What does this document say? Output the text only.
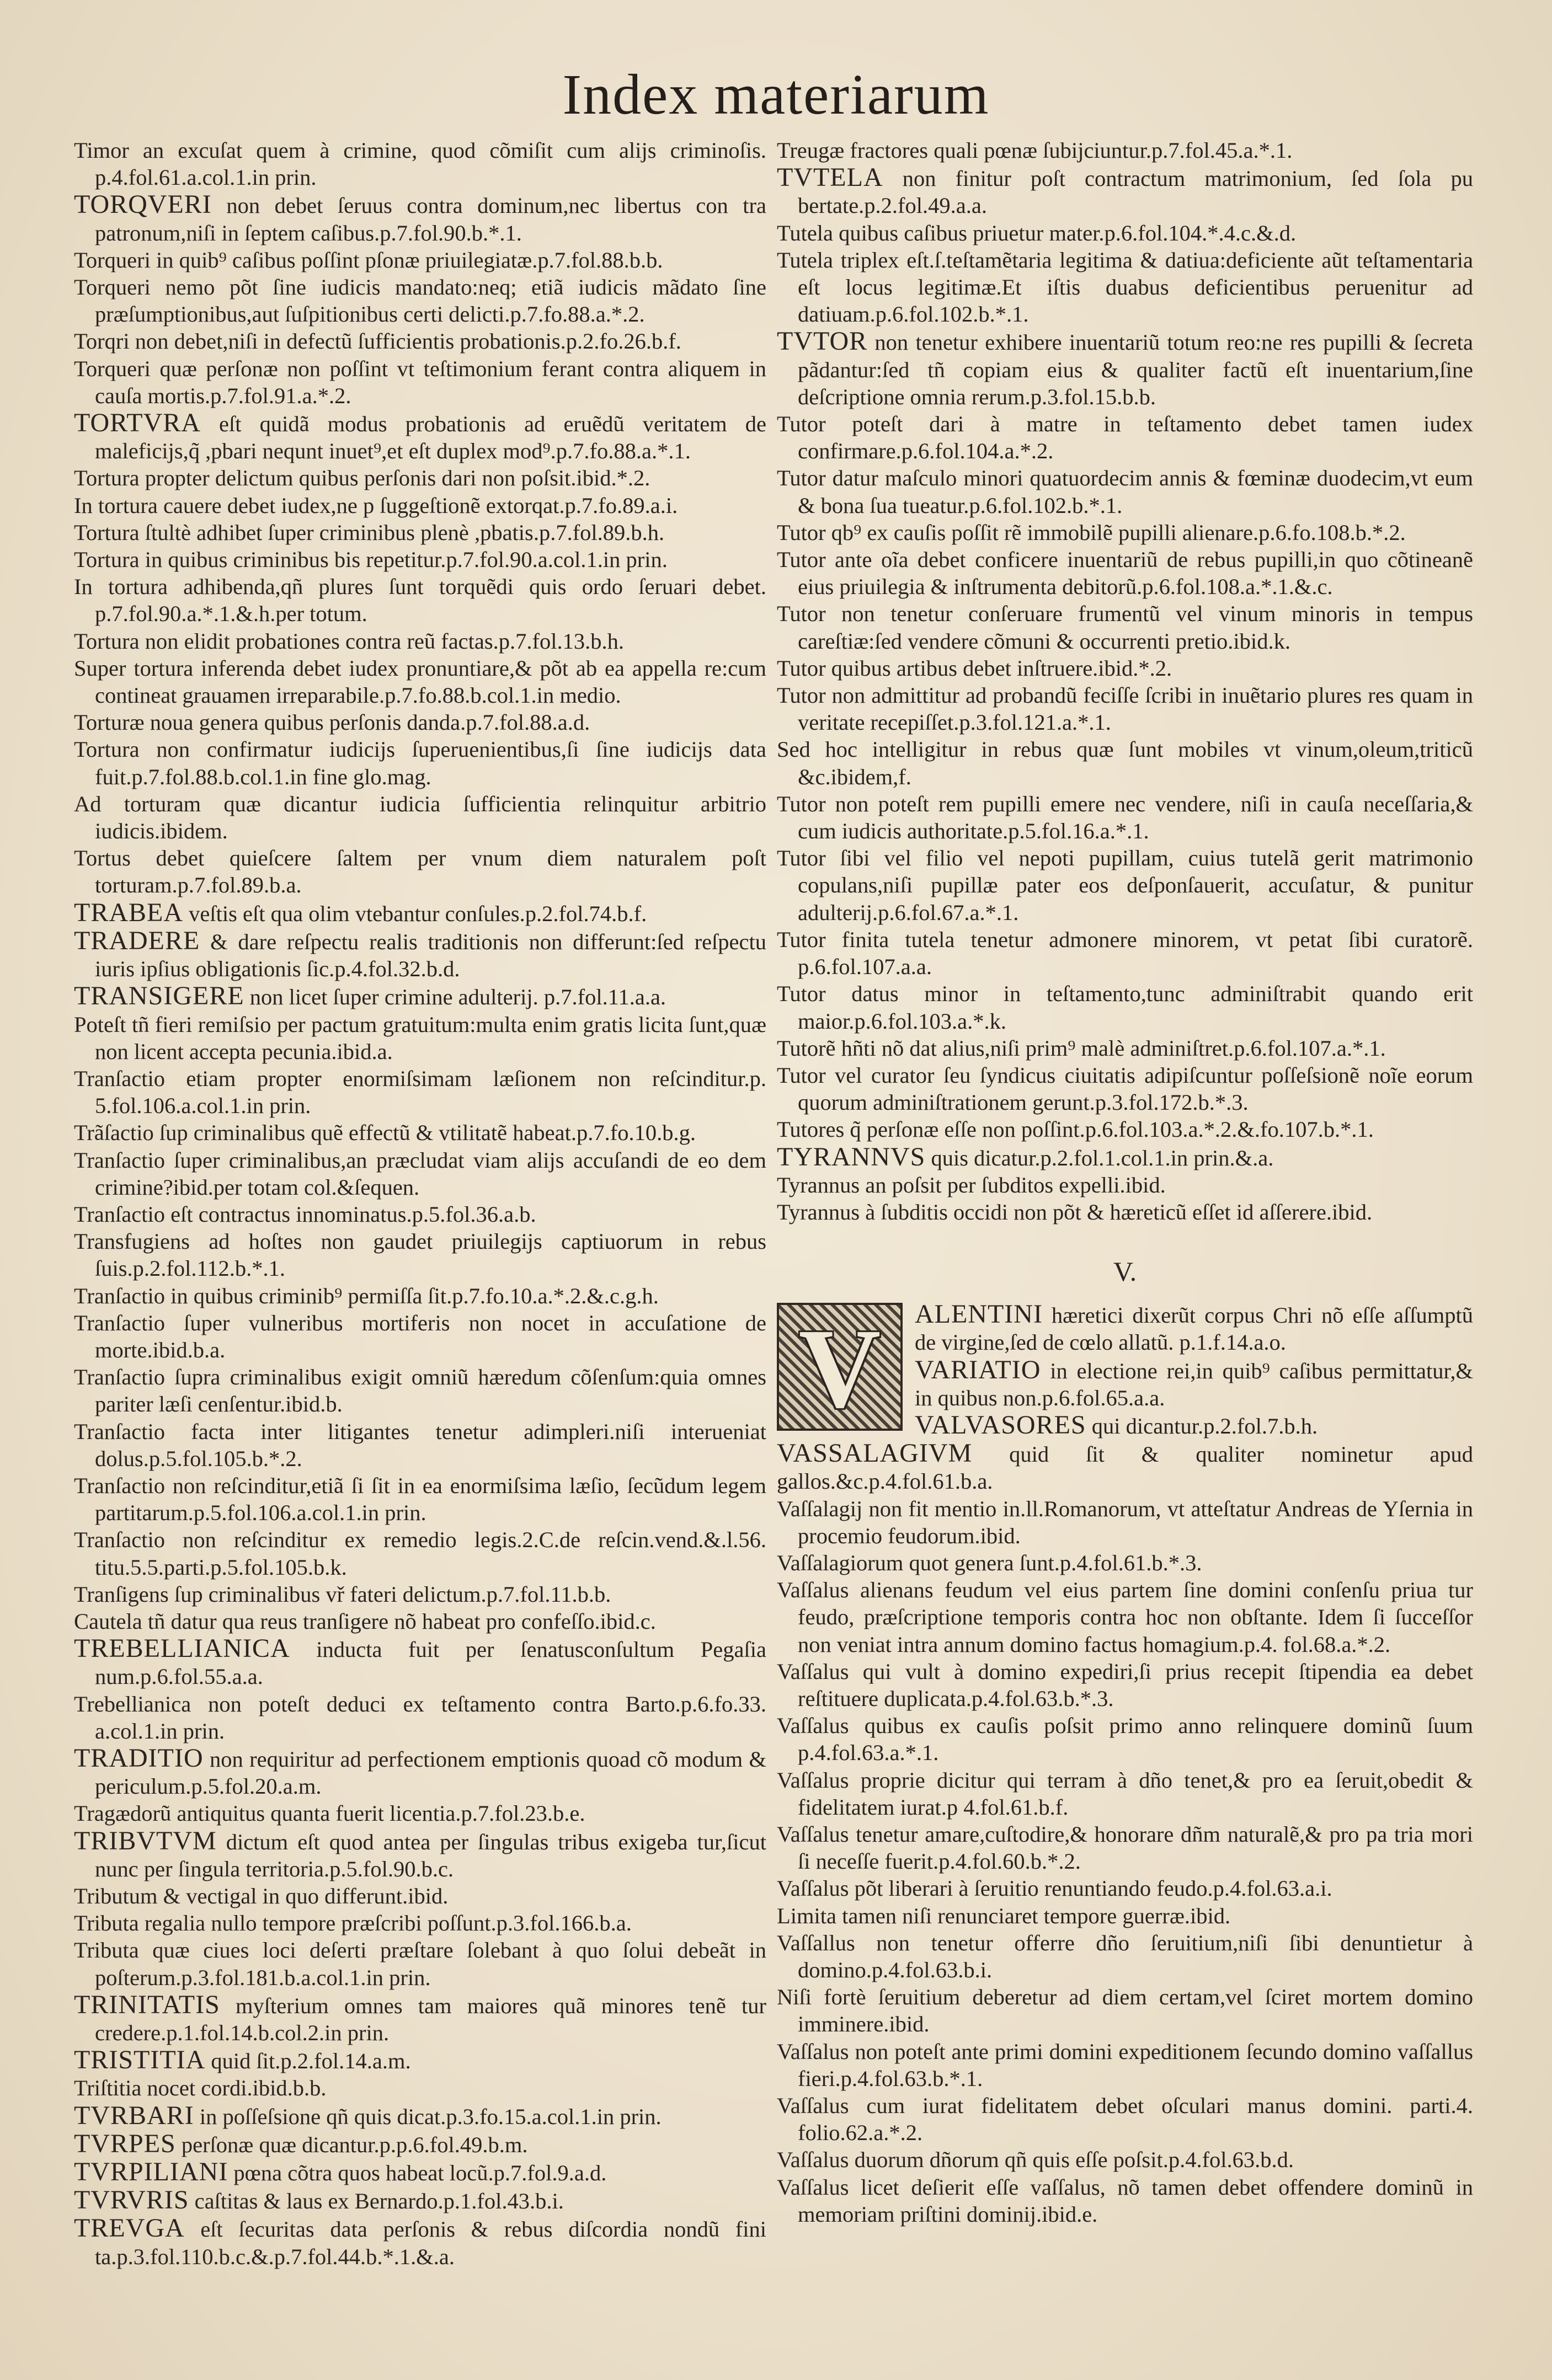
Index materiarum
Timor an excuſat quem à crimine, quod cõmiſit cum alijs criminoſis. p.4.fol.61.a.col.1.in prin.
TORQVERI non debet ſeruus contra dominum,nec libertus con tra patronum,niſi in ſeptem caſibus.p.7.fol.90.b.*.1.
Torqueri in quib⁹ caſibus poſſint pſonæ priuilegiatæ.p.7.fol.88.b.b.
Torqueri nemo põt ſine iudicis mandato:neq; etiã iudicis mãdato ſine præſumptionibus,aut ſuſpitionibus certi delicti.p.7.fo.88.a.*.2.
Torqri non debet,niſi in defectũ ſufficientis probationis.p.2.fo.26.b.f.
Torqueri quæ perſonæ non poſſint vt teſtimonium ferant contra aliquem in cauſa mortis.p.7.fol.91.a.*.2.
TORTVRA eſt quidã modus probationis ad eruẽdũ veritatem de maleficijs,q̃ ,pbari nequnt inuet⁹,et eſt duplex mod⁹.p.7.fo.88.a.*.1.
Tortura propter delictum quibus perſonis dari non poſsit.ibid.*.2.
In tortura cauere debet iudex,ne p ſuggeſtionẽ extorqat.p.7.fo.89.a.i.
Tortura ſtultè adhibet ſuper criminibus plenè ,pbatis.p.7.fol.89.b.h.
Tortura in quibus criminibus bis repetitur.p.7.fol.90.a.col.1.in prin.
In tortura adhibenda,qñ plures ſunt torquẽdi quis ordo ſeruari debet. p.7.fol.90.a.*.1.&.h.per totum.
Tortura non elidit probationes contra reũ factas.p.7.fol.13.b.h.
Super tortura inferenda debet iudex pronuntiare,& põt ab ea appella re:cum contineat grauamen irreparabile.p.7.fo.88.b.col.1.in medio.
Torturæ noua genera quibus perſonis danda.p.7.fol.88.a.d.
Tortura non confirmatur iudicijs ſuperuenientibus,ſi ſine iudicijs data fuit.p.7.fol.88.b.col.1.in fine glo.mag.
Ad torturam quæ dicantur iudicia ſufficientia relinquitur arbitrio iudicis.ibidem.
Tortus debet quieſcere ſaltem per vnum diem naturalem poſt torturam.p.7.fol.89.b.a.
TRABEA veſtis eſt qua olim vtebantur conſules.p.2.fol.74.b.f.
TRADERE & dare reſpectu realis traditionis non differunt:ſed reſpectu iuris ipſius obligationis ſic.p.4.fol.32.b.d.
TRANSIGERE non licet ſuper crimine adulterij. p.7.fol.11.a.a.
Poteſt tñ fieri remiſsio per pactum gratuitum:multa enim gratis licita ſunt,quæ non licent accepta pecunia.ibid.a.
Tranſactio etiam propter enormiſsimam læſionem non reſcinditur.p. 5.fol.106.a.col.1.in prin.
Trãſactio ſup criminalibus quẽ effectũ & vtilitatẽ habeat.p.7.fo.10.b.g.
Tranſactio ſuper criminalibus,an præcludat viam alijs accuſandi de eo dem crimine?ibid.per totam col.&ſequen.
Tranſactio eſt contractus innominatus.p.5.fol.36.a.b.
Transfugiens ad hoſtes non gaudet priuilegijs captiuorum in rebus ſuis.p.2.fol.112.b.*.1.
Tranſactio in quibus criminib⁹ permiſſa ſit.p.7.fo.10.a.*.2.&.c.g.h.
Tranſactio ſuper vulneribus mortiferis non nocet in accuſatione de morte.ibid.b.a.
Tranſactio ſupra criminalibus exigit omniũ hæredum cõſenſum:quia omnes pariter læſi cenſentur.ibid.b.
Tranſactio facta inter litigantes tenetur adimpleri.niſi interueniat dolus.p.5.fol.105.b.*.2.
Tranſactio non reſcinditur,etiã ſi ſit in ea enormiſsima læſio, ſecũdum legem partitarum.p.5.fol.106.a.col.1.in prin.
Tranſactio non reſcinditur ex remedio legis.2.C.de reſcin.vend.&.l.56. titu.5.5.parti.p.5.fol.105.b.k.
Tranſigens ſup criminalibus vř fateri delictum.p.7.fol.11.b.b.
Cautela tñ datur qua reus tranſigere nõ habeat pro confeſſo.ibid.c.
TREBELLIANICA inducta fuit per ſenatusconſultum Pegaſia num.p.6.fol.55.a.a.
Trebellianica non poteſt deduci ex teſtamento contra Barto.p.6.fo.33. a.col.1.in prin.
TRADITIO non requiritur ad perfectionem emptionis quoad cõ modum & periculum.p.5.fol.20.a.m.
Tragædorũ antiquitus quanta fuerit licentia.p.7.fol.23.b.e.
TRIBVTVM dictum eſt quod antea per ſingulas tribus exigeba tur,ſicut nunc per ſingula territoria.p.5.fol.90.b.c.
Tributum & vectigal in quo differunt.ibid.
Tributa regalia nullo tempore præſcribi poſſunt.p.3.fol.166.b.a.
Tributa quæ ciues loci deſerti præſtare ſolebant à quo ſolui debeãt in poſterum.p.3.fol.181.b.a.col.1.in prin.
TRINITATIS myſterium omnes tam maiores quã minores tenẽ tur credere.p.1.fol.14.b.col.2.in prin.
TRISTITIA quid ſit.p.2.fol.14.a.m.
Triſtitia nocet cordi.ibid.b.b.
TVRBARI in poſſeſsione qñ quis dicat.p.3.fo.15.a.col.1.in prin.
TVRPES perſonæ quæ dicantur.p.p.6.fol.49.b.m.
TVRPILIANI pœna cõtra quos habeat locũ.p.7.fol.9.a.d.
TVRVRIS caſtitas & laus ex Bernardo.p.1.fol.43.b.i.
TREVGA eſt ſecuritas data perſonis & rebus diſcordia nondũ fini ta.p.3.fol.110.b.c.&.p.7.fol.44.b.*.1.&.a.
Treugæ fractores quali pœnæ ſubijciuntur.p.7.fol.45.a.*.1.
TVTELA non finitur poſt contractum matrimonium, ſed ſola pu bertate.p.2.fol.49.a.a.
Tutela quibus caſibus priuetur mater.p.6.fol.104.*.4.c.&.d.
Tutela triplex eſt.ſ.teſtamẽtaria legitima & datiua:deficiente aũt teſtamentaria eſt locus legitimæ.Et iſtis duabus deficientibus peruenitur ad datiuam.p.6.fol.102.b.*.1.
TVTOR non tenetur exhibere inuentariũ totum reo:ne res pupilli & ſecreta pãdantur:ſed tñ copiam eius & qualiter factũ eſt inuentarium,ſine deſcriptione omnia rerum.p.3.fol.15.b.b.
Tutor poteſt dari à matre in teſtamento debet tamen iudex confirmare.p.6.fol.104.a.*.2.
Tutor datur maſculo minori quatuordecim annis & fœminæ duodecim,vt eum & bona ſua tueatur.p.6.fol.102.b.*.1.
Tutor qb⁹ ex cauſis poſſit rẽ immobilẽ pupilli alienare.p.6.fo.108.b.*.2.
Tutor ante oĩa debet conficere inuentariũ de rebus pupilli,in quo cõtineanẽ eius priuilegia & inſtrumenta debitorũ.p.6.fol.108.a.*.1.&.c.
Tutor non tenetur conſeruare frumentũ vel vinum minoris in tempus careſtiæ:ſed vendere cõmuni & occurrenti pretio.ibid.k.
Tutor quibus artibus debet inſtruere.ibid.*.2.
Tutor non admittitur ad probandũ feciſſe ſcribi in inuẽtario plures res quam in veritate recepiſſet.p.3.fol.121.a.*.1.
Sed hoc intelligitur in rebus quæ ſunt mobiles vt vinum,oleum,triticũ &c.ibidem,f.
Tutor non poteſt rem pupilli emere nec vendere, niſi in cauſa neceſſaria,& cum iudicis authoritate.p.5.fol.16.a.*.1.
Tutor ſibi vel filio vel nepoti pupillam, cuius tutelã gerit matrimonio copulans,niſi pupillæ pater eos deſponſauerit, accuſatur, & punitur adulterij.p.6.fol.67.a.*.1.
Tutor finita tutela tenetur admonere minorem, vt petat ſibi curatorẽ. p.6.fol.107.a.a.
Tutor datus minor in teſtamento,tunc adminiſtrabit quando erit maior.p.6.fol.103.a.*.k.
Tutorẽ hñti nõ dat alius,niſi prim⁹ malè adminiſtret.p.6.fol.107.a.*.1.
Tutor vel curator ſeu ſyndicus ciuitatis adipiſcuntur poſſeſsionẽ noĩe eorum quorum adminiſtrationem gerunt.p.3.fol.172.b.*.3.
Tutores q̃ perſonæ eſſe non poſſint.p.6.fol.103.a.*.2.&.fo.107.b.*.1.
TYRANNVS quis dicatur.p.2.fol.1.col.1.in prin.&.a.
Tyrannus an poſsit per ſubditos expelli.ibid.
Tyrannus à ſubditis occidi non põt & hæreticũ eſſet id aſſerere.ibid.
V.
V	ALENTINI hæretici dixerũt corpus Chri nõ eſſe aſſumptũ de virgine,ſed de cœlo allatũ. p.1.f.14.a.o.
VARIATIO in electione rei,in quib⁹ caſibus permittatur,& in quibus non.p.6.fol.65.a.a.
VALVASORES qui dicantur.p.2.fol.7.b.h.
VASSALAGIVM quid ſit & qualiter nominetur apud gallos.&c.p.4.fol.61.b.a.
Vaſſalagij non fit mentio in.ll.Romanorum, vt atteſtatur Andreas de Yſernia in procemio feudorum.ibid.
Vaſſalagiorum quot genera ſunt.p.4.fol.61.b.*.3.
Vaſſalus alienans feudum vel eius partem ſine domini conſenſu priua tur feudo, præſcriptione temporis contra hoc non obſtante. Idem ſi ſucceſſor non veniat intra annum domino factus homagium.p.4. fol.68.a.*.2.
Vaſſalus qui vult à domino expediri,ſi prius recepit ſtipendia ea debet reſtituere duplicata.p.4.fol.63.b.*.3.
Vaſſalus quibus ex cauſis poſsit primo anno relinquere dominũ ſuum p.4.fol.63.a.*.1.
Vaſſalus proprie dicitur qui terram à dño tenet,& pro ea ſeruit,obedit & fidelitatem iurat.p 4.fol.61.b.f.
Vaſſalus tenetur amare,cuſtodire,& honorare dñm naturalẽ,& pro pa tria mori ſi neceſſe fuerit.p.4.fol.60.b.*.2.
Vaſſalus põt liberari à ſeruitio renuntiando feudo.p.4.fol.63.a.i.
Limita tamen niſi renunciaret tempore guerræ.ibid.
Vaſſallus non tenetur offerre dño ſeruitium,niſi ſibi denuntietur à domino.p.4.fol.63.b.i.
Niſi fortè ſeruitium deberetur ad diem certam,vel ſciret mortem domino imminere.ibid.
Vaſſalus non poteſt ante primi domini expeditionem ſecundo domino vaſſallus fieri.p.4.fol.63.b.*.1.
Vaſſalus cum iurat fidelitatem debet oſculari manus domini. parti.4. folio.62.a.*.2.
Vaſſalus duorum dñorum qñ quis eſſe poſsit.p.4.fol.63.b.d.
Vaſſalus licet deſierit eſſe vaſſalus, nõ tamen debet offendere dominũ in memoriam priſtini dominij.ibid.e.
